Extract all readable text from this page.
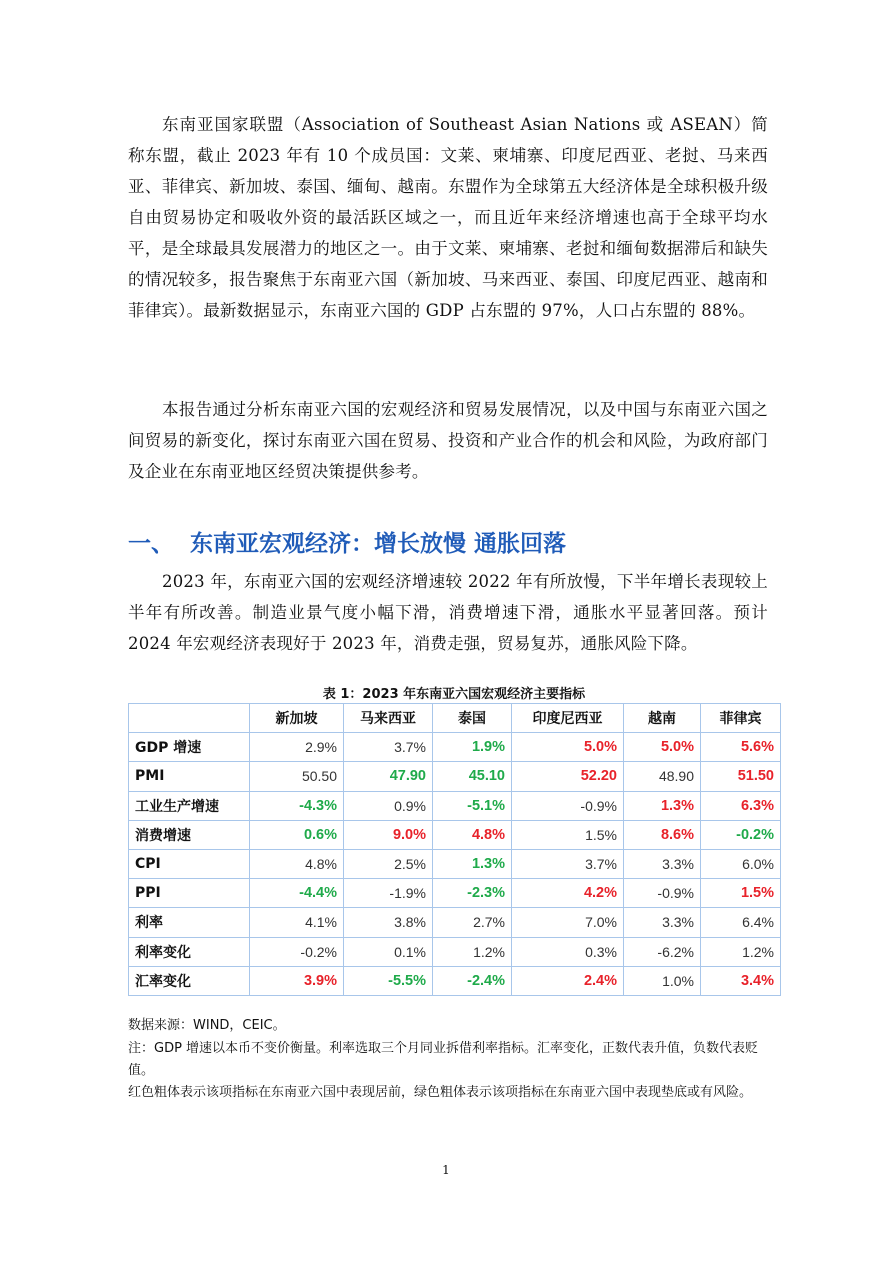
东南亚国家联盟（Association of Southeast Asian Nations 或 ASEAN）简称东盟，截止 2023 年有 10 个成员国：文莱、柬埔寨、印度尼西亚、老挝、马来西亚、菲律宾、新加坡、泰国、缅甸、越南。东盟作为全球第五大经济体是全球积极升级自由贸易协定和吸收外资的最活跃区域之一，而且近年来经济增速也高于全球平均水平，是全球最具发展潜力的地区之一。由于文莱、柬埔寨、老挝和缅甸数据滞后和缺失的情况较多，报告聚焦于东南亚六国（新加坡、马来西亚、泰国、印度尼西亚、越南和菲律宾）。最新数据显示，东南亚六国的 GDP 占东盟的 97%，人口占东盟的 88%。

本报告通过分析东南亚六国的宏观经济和贸易发展情况，以及中国与东南亚六国之间贸易的新变化，探讨东南亚六国在贸易、投资和产业合作的机会和风险，为政府部门及企业在东南亚地区经贸决策提供参考。

一、 东南亚宏观经济：增长放慢 通胀回落

2023 年，东南亚六国的宏观经济增速较 2022 年有所放慢，下半年增长表现较上半年有所改善。制造业景气度小幅下滑，消费增速下滑，通胀水平显著回落。预计 2024 年宏观经济表现好于 2023 年，消费走强，贸易复苏，通胀风险下降。

表 1：2023 年东南亚六国宏观经济主要指标

	新加坡	马来西亚	泰国	印度尼西亚	越南	菲律宾
GDP 增速	2.9%	3.7%	1.9%	5.0%	5.0%	5.6%
PMI	50.50	47.90	45.10	52.20	48.90	51.50
工业生产增速	-4.3%	0.9%	-5.1%	-0.9%	1.3%	6.3%
消费增速	0.6%	9.0%	4.8%	1.5%	8.6%	-0.2%
CPI	4.8%	2.5%	1.3%	3.7%	3.3%	6.0%
PPI	-4.4%	-1.9%	-2.3%	4.2%	-0.9%	1.5%
利率	4.1%	3.8%	2.7%	7.0%	3.3%	6.4%
利率变化	-0.2%	0.1%	1.2%	0.3%	-6.2%	1.2%
汇率变化	3.9%	-5.5%	-2.4%	2.4%	1.0%	3.4%

数据来源：WIND，CEIC。

注：GDP 增速以本币不变价衡量。利率选取三个月同业拆借利率指标。汇率变化，正数代表升值，负数代表贬值。

红色粗体表示该项指标在东南亚六国中表现居前，绿色粗体表示该项指标在东南亚六国中表现垫底或有风险。

1
